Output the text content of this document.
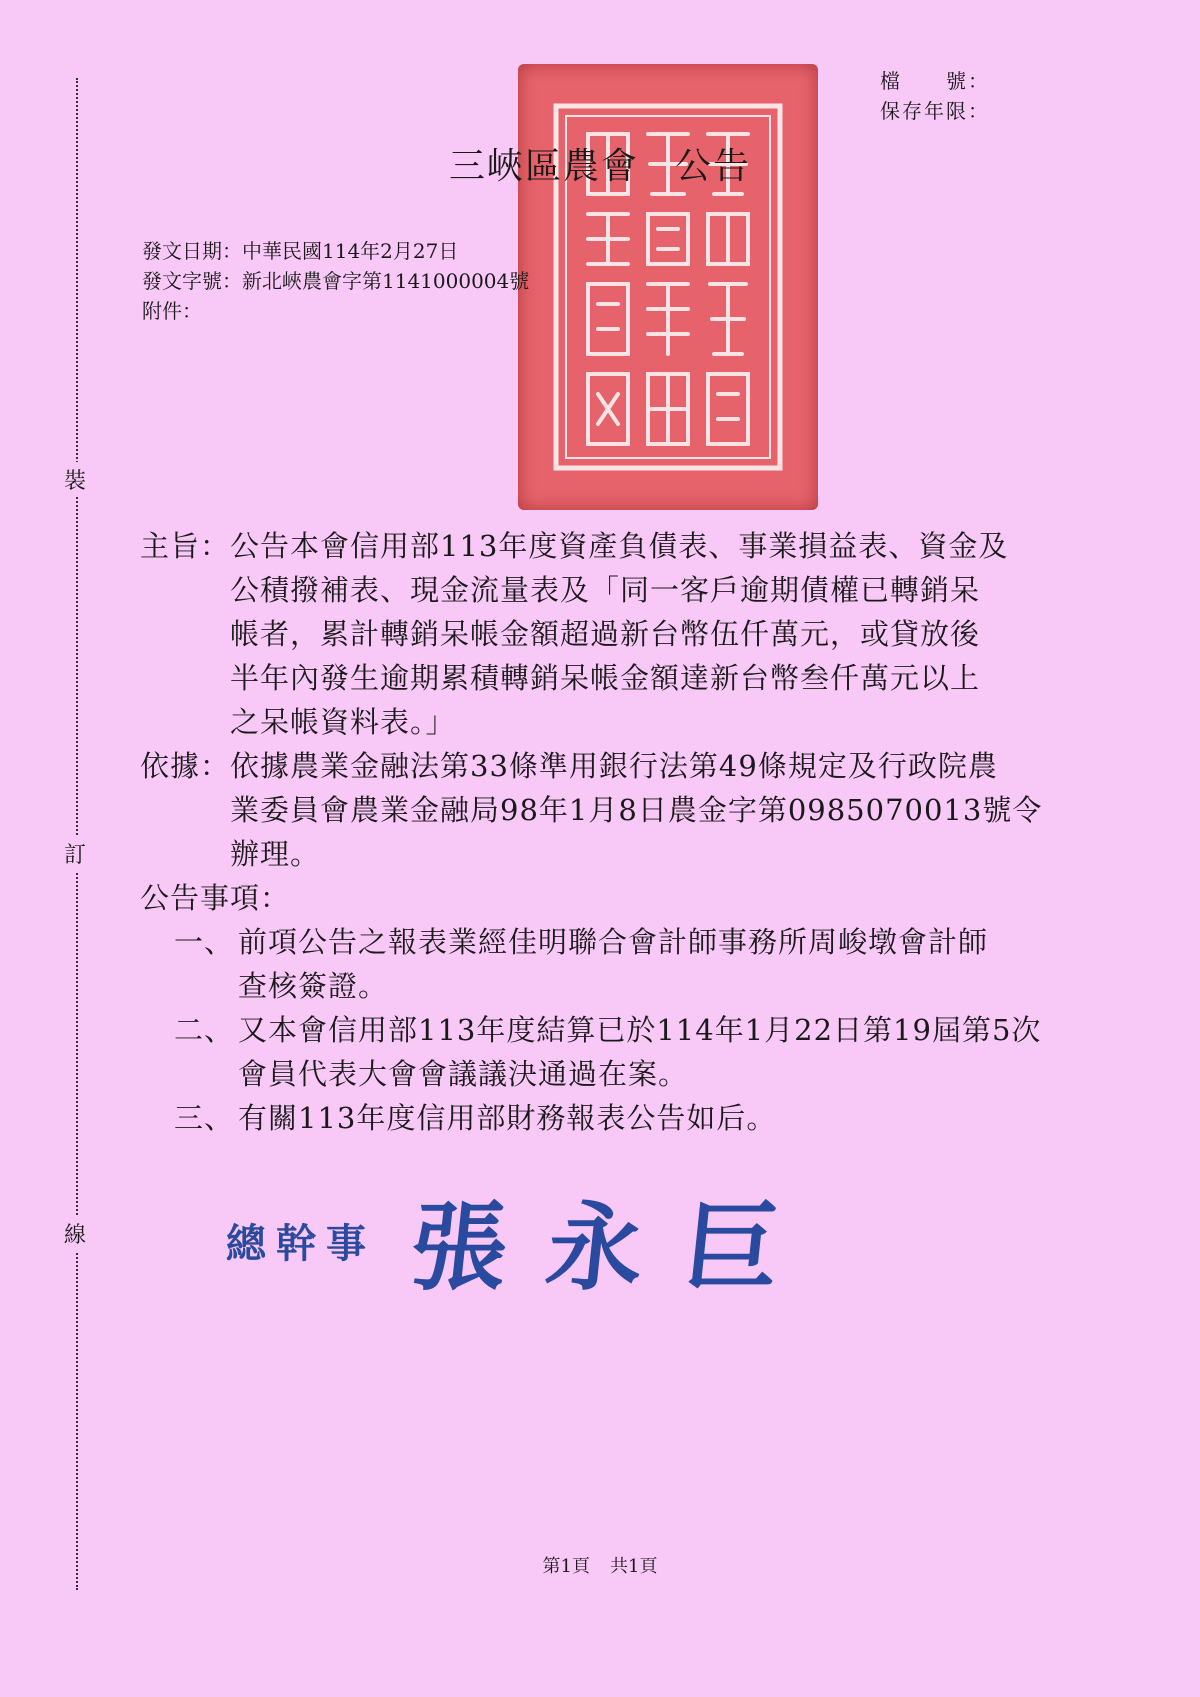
裝
訂
線
檔　　號：
保存年限：
新北市三峽區農會圖記
三峽區農會 公告
發文日期：中華民國114年2月27日
發文字號：新北峽農會字第1141000004號
附件：
主旨： 公告本會信用部113年度資產負債表、事業損益表、資金及
公積撥補表、現金流量表及「同一客戶逾期債權已轉銷呆
帳者，累計轉銷呆帳金額超過新台幣伍仟萬元，或貸放後
半年內發生逾期累積轉銷呆帳金額達新台幣叁仟萬元以上
之呆帳資料表。」
依據： 依據農業金融法第33條準用銀行法第49條規定及行政院農
業委員會農業金融局98年1月8日農金字第0985070013號令
辦理。
公告事項：
一、 前項公告之報表業經佳明聯合會計師事務所周峻墩會計師
查核簽證。
二、 又本會信用部113年度結算已於114年1月22日第19屆第5次
會員代表大會會議議決通過在案。
三、 有關113年度信用部財務報表公告如后。
總幹事 張永巨
第1頁 共1頁
